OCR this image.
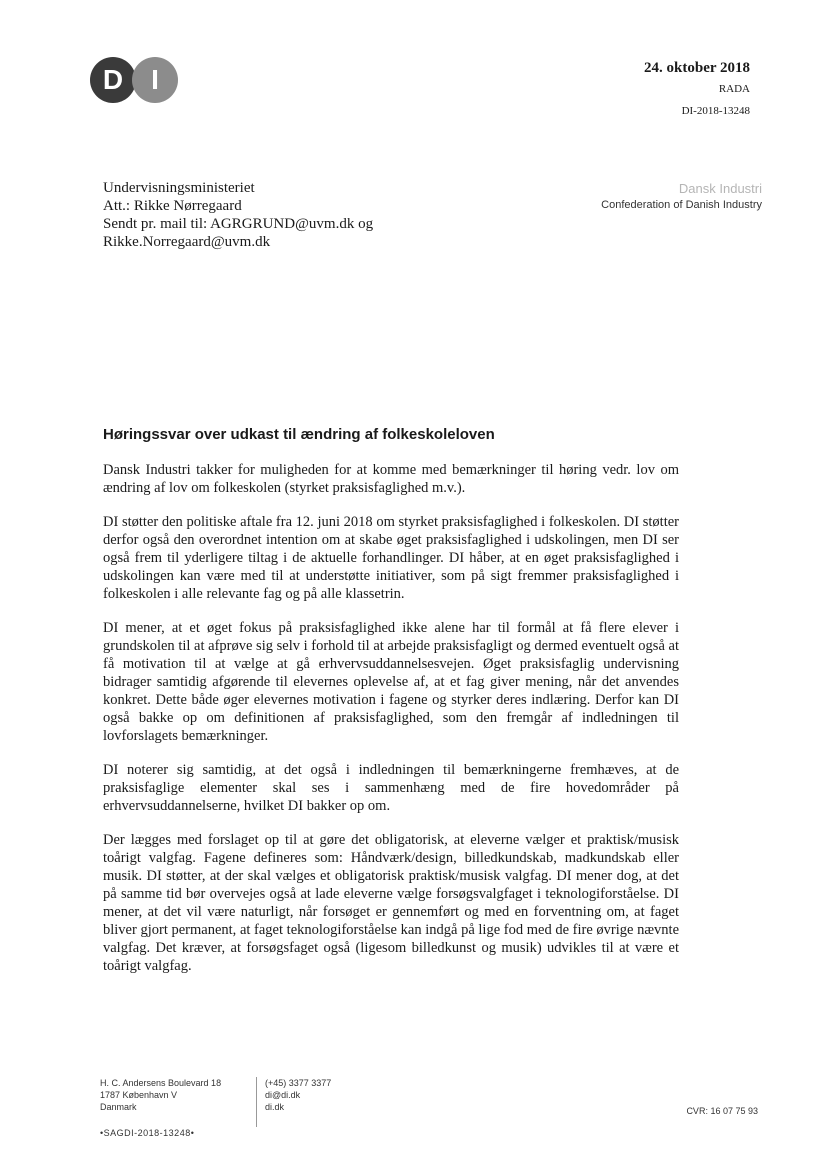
D	I	24. oktober 2018
RADA
DI-2018-13248
Undervisningsministeriet
Att.: Rikke Nørregaard
Sendt pr. mail til: AGRGRUND@uvm.dk og
Rikke.Norregaard@uvm.dk
Dansk Industri
Confederation of Danish Industry
Høringssvar over udkast til ændring af folkeskoleloven

Dansk Industri takker for muligheden for at komme med bemærkninger til høring vedr. lov om ændring af lov om folkeskolen (styrket praksisfaglighed m.v.).

DI støtter den politiske aftale fra 12. juni 2018 om styrket praksisfaglighed i folkeskolen. DI støtter derfor også den overordnet intention om at skabe øget praksisfaglighed i udskolingen, men DI ser også frem til yderligere tiltag i de aktuelle forhandlinger. DI håber, at en øget praksisfaglighed i udskolingen kan være med til at understøtte initiativer, som på sigt fremmer praksisfaglighed i folkeskolen i alle relevante fag og på alle klassetrin.

DI mener, at et øget fokus på praksisfaglighed ikke alene har til formål at få flere elever i grundskolen til at afprøve sig selv i forhold til at arbejde praksisfagligt og dermed eventuelt også at få motivation til at vælge at gå erhvervsuddannelsesvejen. Øget praksisfaglig undervisning bidrager samtidig afgørende til elevernes oplevelse af, at et fag giver mening, når det anvendes konkret. Dette både øger elevernes motivation i fagene og styrker deres indlæring. Derfor kan DI også bakke op om definitionen af praksisfaglighed, som den fremgår af indledningen til lovforslagets bemærkninger.

DI noterer sig samtidig, at det også i indledningen til bemærkningerne fremhæves, at de praksisfaglige elementer skal ses i sammenhæng med de fire hovedområder på erhvervsuddannelserne, hvilket DI bakker op om.

Der lægges med forslaget op til at gøre det obligatorisk, at eleverne vælger et praktisk/musisk toårigt valgfag. Fagene defineres som: Håndværk/design, billedkundskab, madkundskab eller musik. DI støtter, at der skal vælges et obligatorisk praktisk/musisk valgfag. DI mener dog, at det på samme tid bør overvejes også at lade eleverne vælge forsøgsvalgfaget i teknologiforståelse. DI mener, at det vil være naturligt, når forsøget er gennemført og med en forventning om, at faget bliver gjort permanent, at faget teknologiforståelse kan indgå på lige fod med de fire øvrige nævnte valgfag. Det kræver, at forsøgsfaget også (ligesom billedkunst og musik) udvikles til at være et toårigt valgfag.

H. C. Andersens Boulevard 18
1787 København V
Danmark
(+45) 3377 3377
di@di.dk
di.dk	CVR: 16 07 75 93
•SAGDI-2018-13248•
